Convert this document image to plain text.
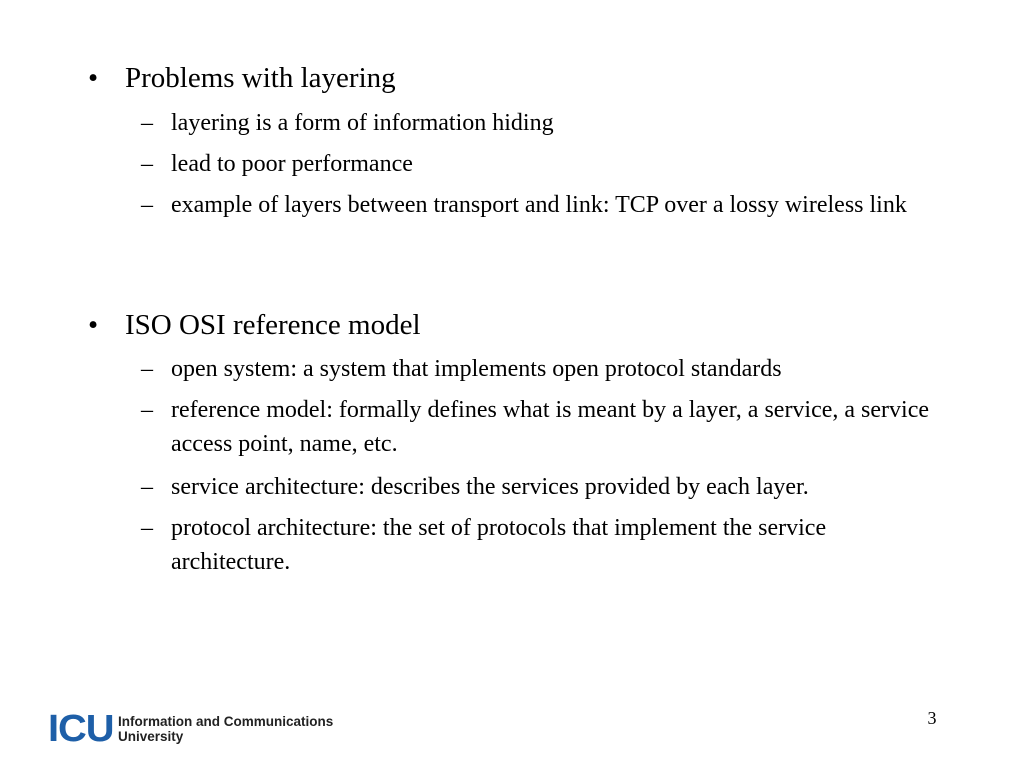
• Problems with layering
– layering is a form of information hiding
– lead to poor performance
– example of layers between transport and link: TCP over a lossy wireless link
• ISO OSI reference model
– open system: a system that implements open protocol standards
– reference model: formally defines what is meant by a layer, a service, a service access point, name, etc.
– service architecture: describes the services provided by each layer.
– protocol architecture: the set of protocols that implement the service architecture.
ICU Information and Communications
University
3
